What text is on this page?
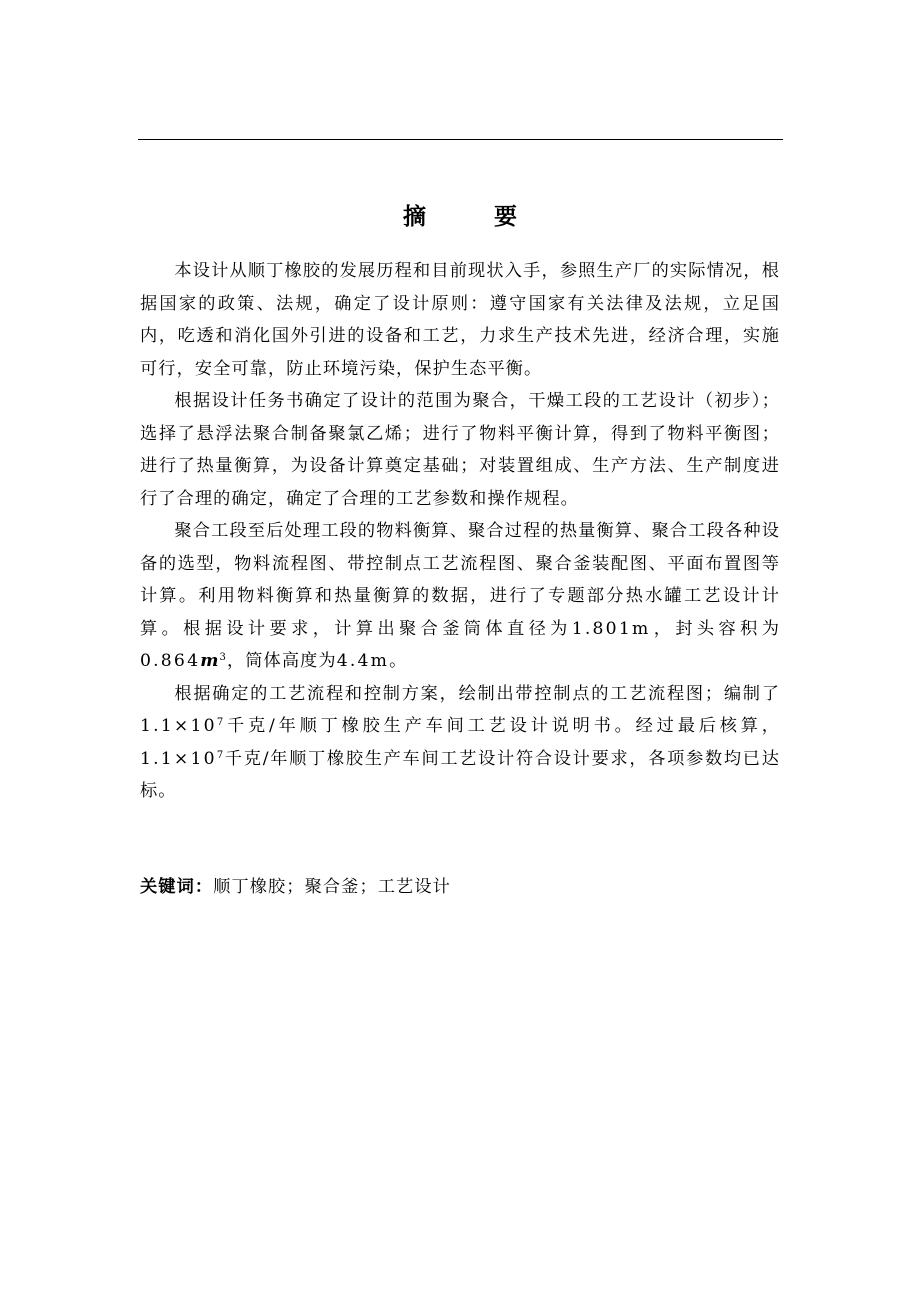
摘 要

本设计从顺丁橡胶的发展历程和目前现状入手，参照生产厂的实际情况，根据国家的政策、法规，确定了设计原则：遵守国家有关法律及法规，立足国内，吃透和消化国外引进的设备和工艺，力求生产技术先进，经济合理，实施可行，安全可靠，防止环境污染，保护生态平衡。

根据设计任务书确定了设计的范围为聚合，干燥工段的工艺设计（初步）；选择了悬浮法聚合制备聚氯乙烯；进行了物料平衡计算，得到了物料平衡图；进行了热量衡算，为设备计算奠定基础；对装置组成、生产方法、生产制度进行了合理的确定，确定了合理的工艺参数和操作规程。

聚合工段至后处理工段的物料衡算、聚合过程的热量衡算、聚合工段各种设备的选型，物料流程图、带控制点工艺流程图、聚合釜装配图、平面布置图等计算。利用物料衡算和热量衡算的数据，进行了专题部分热水罐工艺设计计算。根据设计要求，计算出聚合釜筒体直径为1.801m，封头容积为$0.864m^3$，筒体高度为4.4m。

根据确定的工艺流程和控制方案，绘制出带控制点的工艺流程图；编制了$1.1\times 10^7$千克/年顺丁橡胶生产车间工艺设计说明书。经过最后核算，$1.1\times 10^7$千克/年顺丁橡胶生产车间工艺设计符合设计要求，各项参数均已达标。

关键词：顺丁橡胶；聚合釜；工艺设计
